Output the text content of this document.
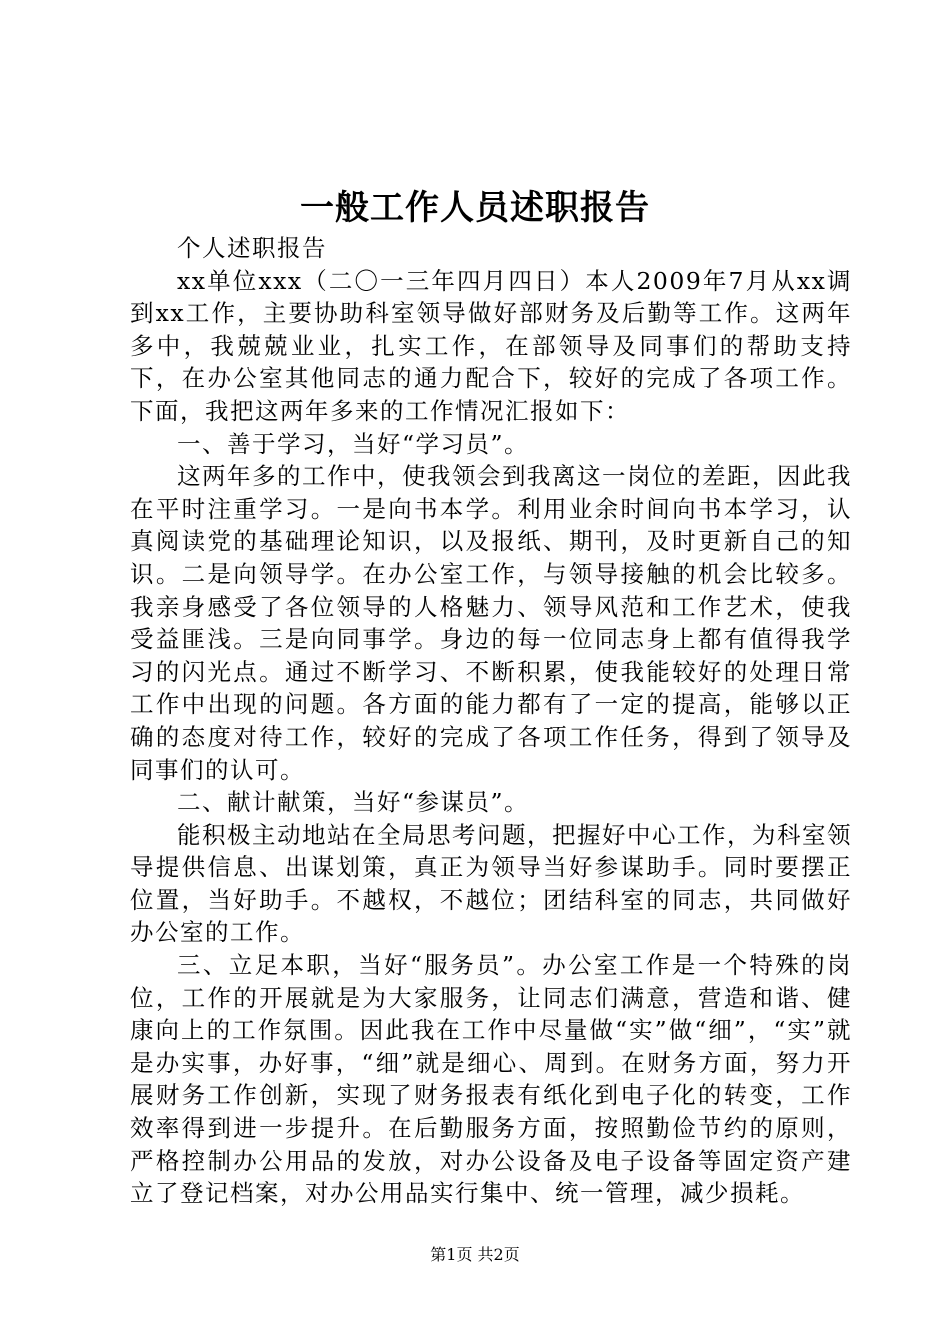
一般工作人员述职报告

个人述职报告

xx单位xxx（二〇一三年四月四日）本人2009年7月从xx调到xx工作，主要协助科室领导做好部财务及后勤等工作。这两年多中，我兢兢业业，扎实工作，在部领导及同事们的帮助支持下，在办公室其他同志的通力配合下，较好的完成了各项工作。下面，我把这两年多来的工作情况汇报如下：

一、善于学习，当好“学习员”。

这两年多的工作中，使我领会到我离这一岗位的差距，因此我在平时注重学习。一是向书本学。利用业余时间向书本学习，认真阅读党的基础理论知识，以及报纸、期刊，及时更新自己的知识。二是向领导学。在办公室工作，与领导接触的机会比较多。我亲身感受了各位领导的人格魅力、领导风范和工作艺术，使我受益匪浅。三是向同事学。身边的每一位同志身上都有值得我学习的闪光点。通过不断学习、不断积累，使我能较好的处理日常工作中出现的问题。各方面的能力都有了一定的提高，能够以正确的态度对待工作，较好的完成了各项工作任务，得到了领导及同事们的认可。

二、献计献策，当好“参谋员”。

能积极主动地站在全局思考问题，把握好中心工作，为科室领导提供信息、出谋划策，真正为领导当好参谋助手。同时要摆正位置，当好助手。不越权，不越位；团结科室的同志，共同做好办公室的工作。

三、立足本职，当好“服务员”。办公室工作是一个特殊的岗位，工作的开展就是为大家服务，让同志们满意，营造和谐、健康向上的工作氛围。因此我在工作中尽量做“实”做“细”，“实”就是办实事，办好事，“细”就是细心、周到。在财务方面，努力开展财务工作创新，实现了财务报表有纸化到电子化的转变，工作效率得到进一步提升。在后勤服务方面，按照勤俭节约的原则，严格控制办公用品的发放，对办公设备及电子设备等固定资产建立了登记档案，对办公用品实行集中、统一管理，减少损耗。

第1页 共2页
